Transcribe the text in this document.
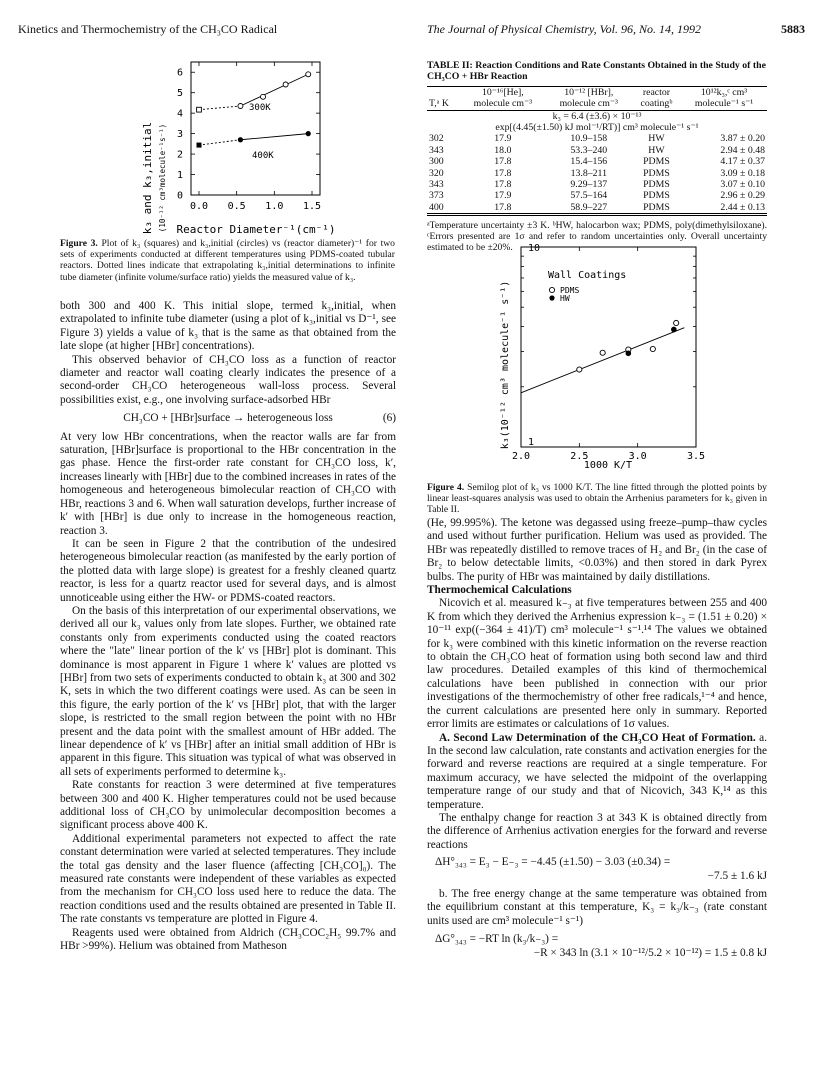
Kinetics and Thermochemistry of the CH₃CO Radical	The Journal of Physical Chemistry, Vol. 96, No. 14, 1992	5883
k₃ and k₃,initial (10⁻¹² cm³molecule⁻¹s⁻¹) 0
1
2
3
4
5
6
0.0 0.5 1.0 1.5
300K
400K
Reactor Diameter⁻¹(cm⁻¹)
Figure 3. Plot of k₃ (squares) and k₃,initial (circles) vs (reactor diameter)⁻¹ for two sets of experiments conducted at different temperatures using PDMS-coated tubular reactors. Dotted lines indicate that extrapolating k₃,initial determinations to infinite tube diameter (infinite volume/surface ratio) yields the measured value of k₃.

both 300 and 400 K. This initial slope, termed k₃,initial, when extrapolated to infinite tube diameter (using a plot of k₃,initial vs D⁻¹, see Figure 3) yields a value of k₃ that is the same as that obtained from the late slope (at higher [HBr] concentrations).

This observed behavior of CH₃CO loss as a function of reactor diameter and reactor wall coating clearly indicates the presence of a second-order CH₃CO heterogeneous wall-loss process. Several possibilities exist, e.g., one involving surface-adsorbed HBr

CH₃CO + [HBr]surface → heterogeneous loss	(6)

At very low HBr concentrations, when the reactor walls are far from saturation, [HBr]surface is proportional to the HBr concentration in the gas phase. Hence the first-order rate constant for CH₃CO loss, k′, increases linearly with [HBr] due to the combined increases in rates of the homogeneous and heterogeneous bimolecular reaction of CH₃CO with HBr, reactions 3 and 6. When wall saturation develops, further increase of k′ with [HBr] is due only to increase in the homogeneous reaction, reaction 3.

It can be seen in Figure 2 that the contribution of the undesired heterogeneous bimolecular reaction (as manifested by the early portion of the plotted data with large slope) is greatest for a freshly cleaned quartz reactor, is less for a quartz reactor used for several days, and is almost unnoticeable using either the HW- or PDMS-coated reactors.

On the basis of this interpretation of our experimental observations, we derived all our k₃ values only from late slopes. Further, we obtained rate constants only from experiments conducted using the coated reactors where the "late" linear portion of the k′ vs [HBr] plot is dominant. This dominance is most apparent in Figure 1 where k′ values are plotted vs [HBr] from two sets of experiments conducted to obtain k₃ at 300 and 302 K, sets in which the two different coatings were used. As can be seen in this figure, the early portion of the k′ vs [HBr] plot, that with the larger slope, is restricted to the small region between the point with no HBr present and the data point with the smallest amount of HBr added. The linear dependence of k′ vs [HBr] after an initial small addition of HBr is apparent in this figure. This situation was typical of what was observed in all sets of experiments performed to determine k₃.

Rate constants for reaction 3 were determined at five temperatures between 300 and 400 K. Higher temperatures could not be used because additional loss of CH₃CO by unimolecular decomposition becomes a significant process above 400 K.

Additional experimental parameters not expected to affect the rate constant determination were varied at selected temperatures. They include the total gas density and the laser fluence (affecting [CH₃CO]₀). The measured rate constants were independent of these variables as expected from the mechanism for CH₃CO loss used here to reduce the data. The reaction conditions used and the results obtained are presented in Table II. The rate constants vs temperature are plotted in Figure 4.

Reagents used were obtained from Aldrich (CH₃COC₂H₅ 99.7% and HBr >99%). Helium was obtained from Matheson

TABLE II: Reaction Conditions and Rate Constants Obtained in the Study of the CH₃CO + HBr Reaction
	10⁻¹⁶[He],	10⁻¹² [HBr],	reactor	10¹²k₃,ᶜ cm³
T,ᵃ K	molecule cm⁻³	molecule cm⁻³	coatingᵇ	molecule⁻¹ s⁻¹
k₃ = 6.4 (±3.6) × 10⁻¹³				
exp[(4.45(±1.50) kJ mol⁻¹/RT)] cm³ molecule⁻¹ s⁻¹				
302	17.9	10.9–158	HW	3.87 ± 0.20
343	18.0	53.3–240	HW	2.94 ± 0.48
300	17.8	15.4–156	PDMS	4.17 ± 0.37
320	17.8	13.8–211	PDMS	3.09 ± 0.18
343	17.8	9.29–137	PDMS	3.07 ± 0.10
373	17.9	57.5–164	PDMS	2.96 ± 0.29
400	17.8	58.9–227	PDMS	2.44 ± 0.13
ᵃTemperature uncertainty ±3 K. ᵇHW, halocarbon wax; PDMS, poly(dimethylsiloxane). ᶜErrors presented are 1σ and refer to random uncertainties only. Overall uncertainty estimated to be ±20%.
k₃(10⁻¹² cm³ molecule⁻¹ s⁻¹) 1
10
2.0	2.5	3.0	3.5
Wall Coatings
PDMS
HW
1000 K/T
Figure 4. Semilog plot of k₃ vs 1000 K/T. The line fitted through the plotted points by linear least-squares analysis was used to obtain the Arrhenius parameters for k₃ given in Table II.

(He, 99.995%). The ketone was degassed using freeze–pump–thaw cycles and used without further purification. Helium was used as provided. The HBr was repeatedly distilled to remove traces of H₂ and Br₂ (in the case of Br₂ to below detectable limits, <0.03%) and then stored in dark Pyrex bulbs. The purity of HBr was maintained by daily distillations.

Thermochemical Calculations

Nicovich et al. measured k₋₃ at five temperatures between 255 and 400 K from which they derived the Arrhenius expression k₋₃ = (1.51 ± 0.20) × 10⁻¹¹ exp((−364 ± 41)/T) cm³ molecule⁻¹ s⁻¹.¹⁴ The values we obtained for k₃ were combined with this kinetic information on the reverse reaction to obtain the CH₃CO heat of formation using both second law and third law procedures. Detailed examples of this kind of thermochemical calculations have been published in connection with our prior investigations of the thermochemistry of other free radicals,¹⁻⁴ and hence, the current calculations are presented here only in summary. Reported error limits are estimates or calculations of 1σ values.

A. Second Law Determination of the CH₃CO Heat of Formation. a. In the second law calculation, rate constants and activation energies for the forward and reverse reactions are required at a single temperature. For maximum accuracy, we have selected the midpoint of the overlapping temperature range of our study and that of Nicovich, 343 K,¹⁴ as this temperature.

The enthalpy change for reaction 3 at 343 K is obtained directly from the difference of Arrhenius activation energies for the forward and reverse reactions

ΔH°₃₄₃ = E₃ − E₋₃ = −4.45 (±1.50) − 3.03 (±0.34) =
−7.5 ± 1.6 kJ

b. The free energy change at the same temperature was obtained from the equilibrium constant at this temperature, K₃ = k₃/k₋₃ (rate constant units used are cm³ molecule⁻¹ s⁻¹)

ΔG°₃₄₃ = −RT ln (k₃/k₋₃) =
−R × 343 ln (3.1 × 10⁻¹²/5.2 × 10⁻¹²) = 1.5 ± 0.8 kJ
